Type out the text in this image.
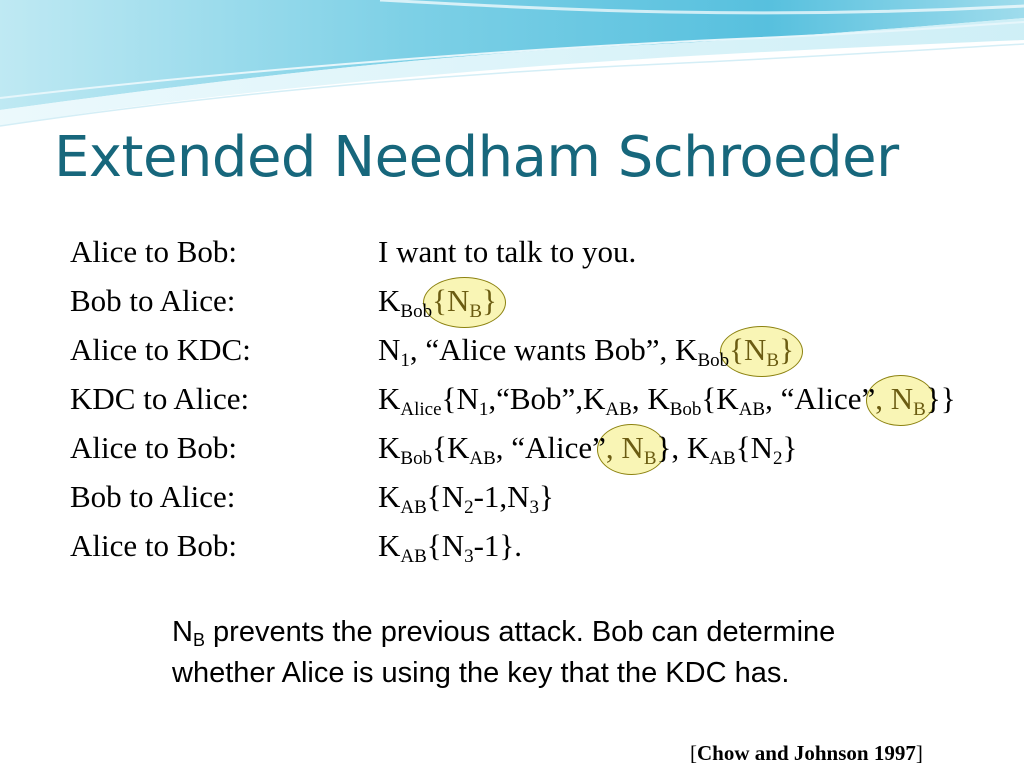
Extended Needham Schroeder
Alice to Bob:	I want to talk to you.
Bob to Alice:	$K_{Bob}\{N_B\}$
Alice to KDC:	$N_1$, “Alice wants Bob”, $K_{Bob}\{N_B\}$
KDC to Alice:	$K_{Alice}\{N_1,“Bob”,K_{AB}$, $K_{Bob}\{K_{AB}$, “Alice”, $N_B$}}
Alice to Bob:	$K_{Bob}\{K_{AB}$, “Alice”, $N_B$}, $K_{AB}\{N_2\}$
Bob to Alice:	$K_{AB}\{N_2-1,N_3\}$
Alice to Bob:	$K_{AB}\{N_3-1\}$.
$N_B$ prevents the previous attack. Bob can determine whether Alice is using the key that the KDC has.
[Chow and Johnson 1997]
